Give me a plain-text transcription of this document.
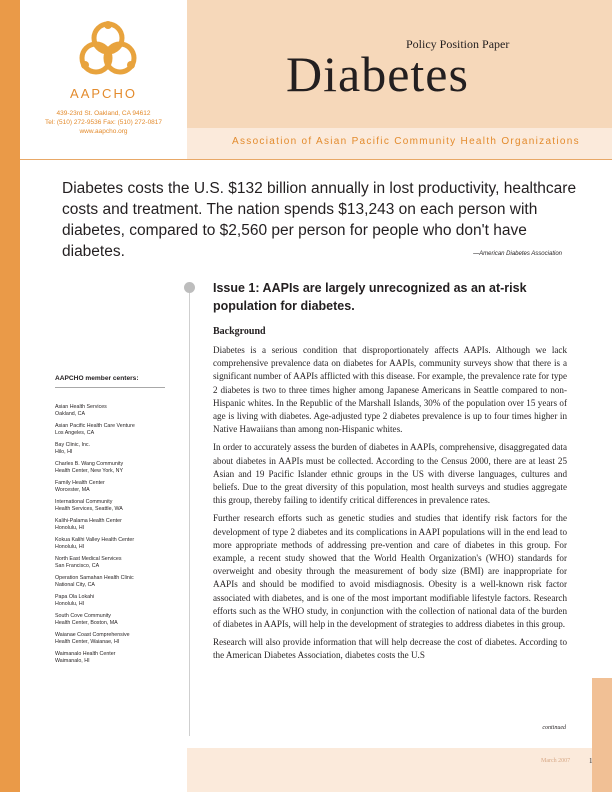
AAPCHO
439-23rd St. Oakland, CA 94612
Tel: (510) 272-9536 Fax: (510) 272-0817
www.aapcho.org
Policy Position Paper
Diabetes
Association of Asian Pacific Community Health Organizations
Diabetes costs the U.S. $132 billion annually in lost productivity, healthcare costs and treatment. The nation spends $13,243 on each person with diabetes, compared to $2,560 per person for people who don't have diabetes.	—American Diabetes Association
Issue 1: AAPIs are largely unrecognized as an at-risk population for diabetes.
Background

Diabetes is a serious condition that disproportionately affects AAPIs. Although we lack comprehensive prevalence data on diabetes for AAPIs, community surveys show that there is a significant number of AAPIs afflicted with this disease. For example, the prevalence rate for type 2 diabetes is two to three times higher among Japanese Americans in Seattle compared to non-Hispanic whites. In the Republic of the Marshall Islands, 30% of the population over 15 years of age is living with diabetes. Age-adjusted type 2 diabetes prevalence is up to four times higher in Native Hawaiians than among non-Hispanic whites.

In order to accurately assess the burden of diabetes in AAPIs, comprehensive, disaggregated data about diabetes in AAPIs must be collected. According to the Census 2000, there are at least 25 Asian and 19 Pacific Islander ethnic groups in the US with diverse languages, cultures and beliefs. Due to the great diversity of this population, most health surveys and studies aggregate this group, thereby failing to identify critical differences in prevalence rates.

Further research efforts such as genetic studies and studies that identify risk factors for the development of type 2 diabetes and its complications in AAPI populations will in the end lead to more appropriate methods of addressing pre-vention and care of diabetes in this group. For example, a recent study showed that the World Health Organization's (WHO) standards for overweight and obesity through the measurement of body size (BMI) are inappropriate for AAPIs and should be modified to avoid misdiagnosis. Obesity is a well-known risk factor associated with diabetes, and is one of the most important modifiable lifestyle factors. Research efforts such as the WHO study, in conjunction with the collection of national data of the burden of diabetes in AAPIs, will help in the development of strategies to address diabetes in this group.

Research will also provide information that will help decrease the cost of diabetes. According to the American Diabetes Association, diabetes costs the U.S

continued
AAPCHO member centers:
Asian Health Services
Oakland, CA
Asian Pacific Health Care Venture
Los Angeles, CA
Bay Clinic, Inc.
Hilo, HI
Charles B. Wang Community
Health Center, New York, NY
Family Health Center
Worcester, MA
International Community
Health Services, Seattle, WA
Kalihi-Palama Health Center
Honolulu, HI
Kokua Kalihi Valley Health Center
Honolulu, HI
North East Medical Services
San Francisco, CA
Operation Samahan Health Clinic
National City, CA
Papa Ola Lokahi
Honolulu, HI
South Cove Community
Health Center, Boston, MA
Waianae Coast Comprehensive
Health Center, Waianae, HI
Waimanalo Health Center
Waimanalo, HI
March 2007	1
